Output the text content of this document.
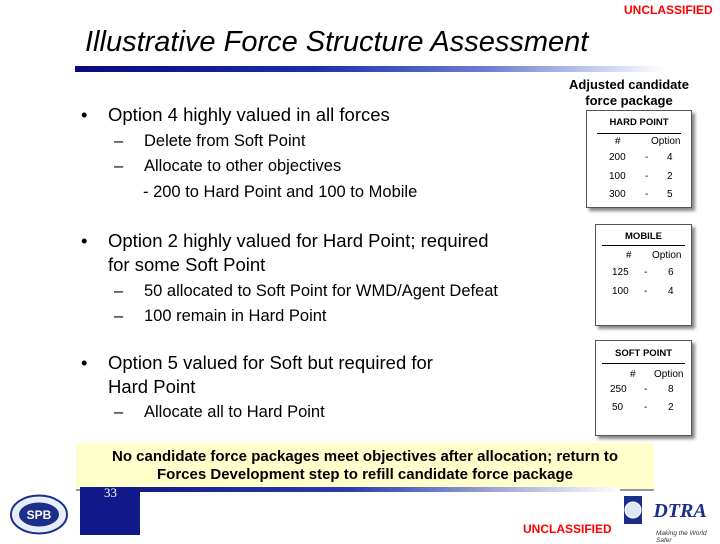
UNCLASSIFIED
Illustrative Force Structure Assessment
• Option 4 highly valued in all forces
– Delete from Soft Point
– Allocate to other objectives
- 200 to Hard Point and 100 to Mobile
• Option 2 highly valued for Hard Point; required
for some Soft Point
– 50 allocated to Soft Point for WMD/Agent Defeat
– 100 remain in Hard Point
• Option 5 valued for Soft but required for
Hard Point
– Allocate all to Hard Point
Adjusted candidate
force package
HARD POINT
#	Option
200 - 4
100 - 2
300 - 5
MOBILE
# Option
125 - 6
100 - 4
SOFT POINT
# Option
250 - 8
50 - 2
No candidate force packages meet objectives after allocation; return to
Forces Development step to refill candidate force package
33
UNCLASSIFIED
SPB	DTRA
Making the World Safer
